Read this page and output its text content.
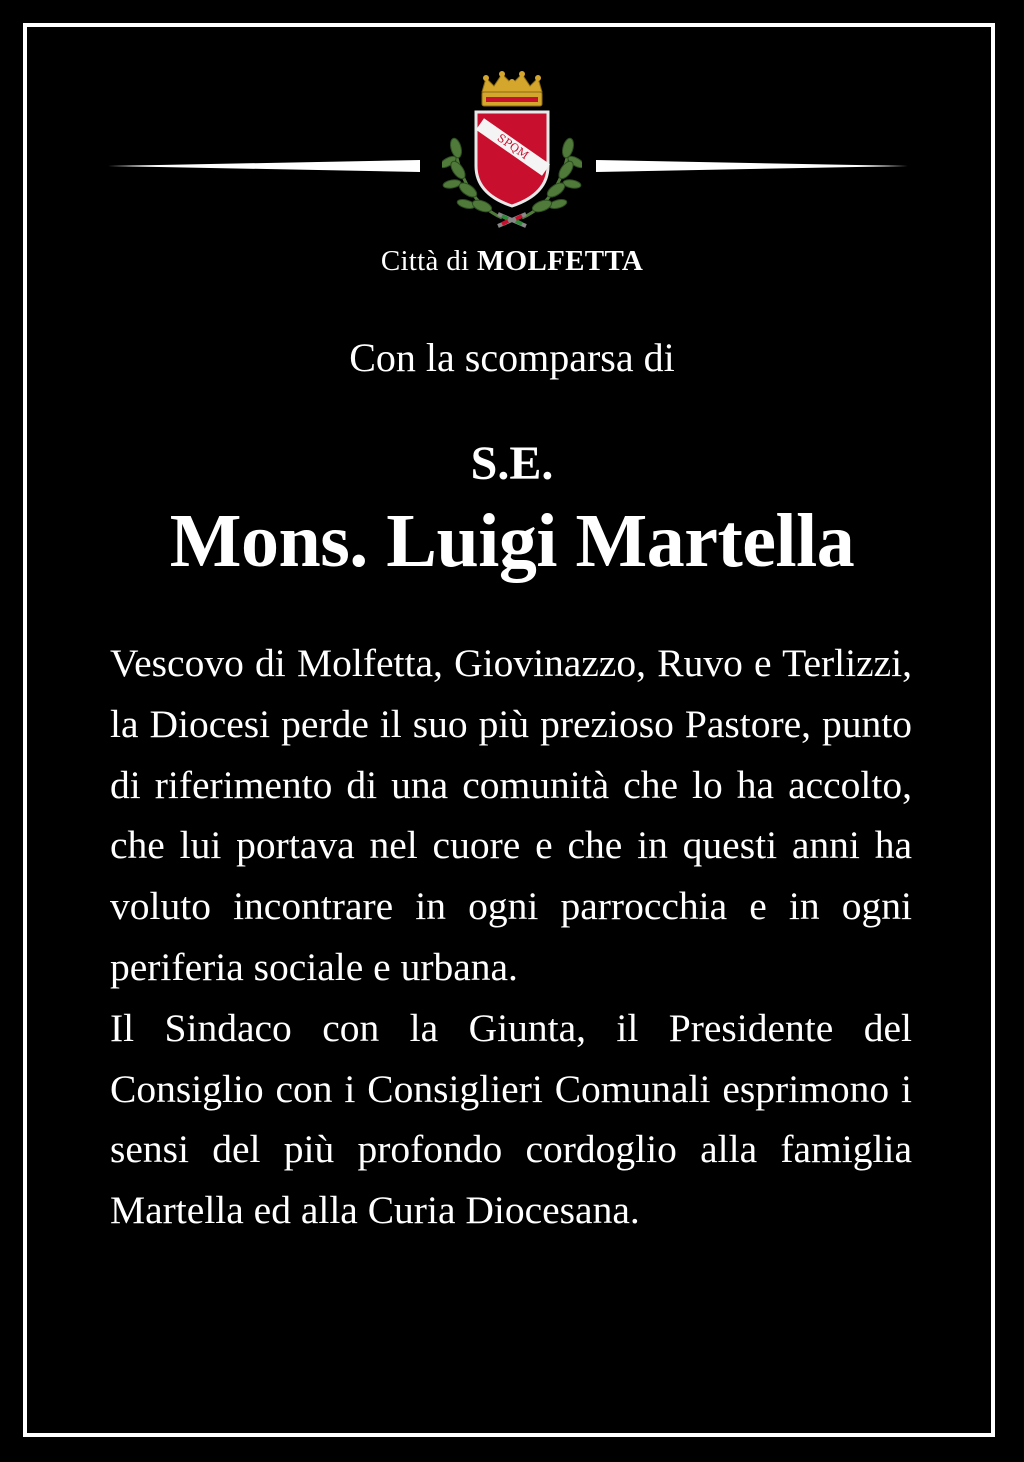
SPQM
Città di MOLFETTA
Con la scomparsa di
S.E.
Mons. Luigi Martella

Vescovo di Molfetta, Giovinazzo, Ruvo e Terlizzi, la Diocesi perde il suo più prezioso Pastore, punto di riferimento di una comunità che lo ha accolto, che lui portava nel cuore e che in questi anni ha voluto incontrare in ogni parrocchia e in ogni periferia sociale e urbana.

Il Sindaco con la Giunta, il Presidente del Consiglio con i Consiglieri Comunali esprimono i sensi del più profondo cordoglio alla famiglia Martella ed alla Curia Diocesana.
